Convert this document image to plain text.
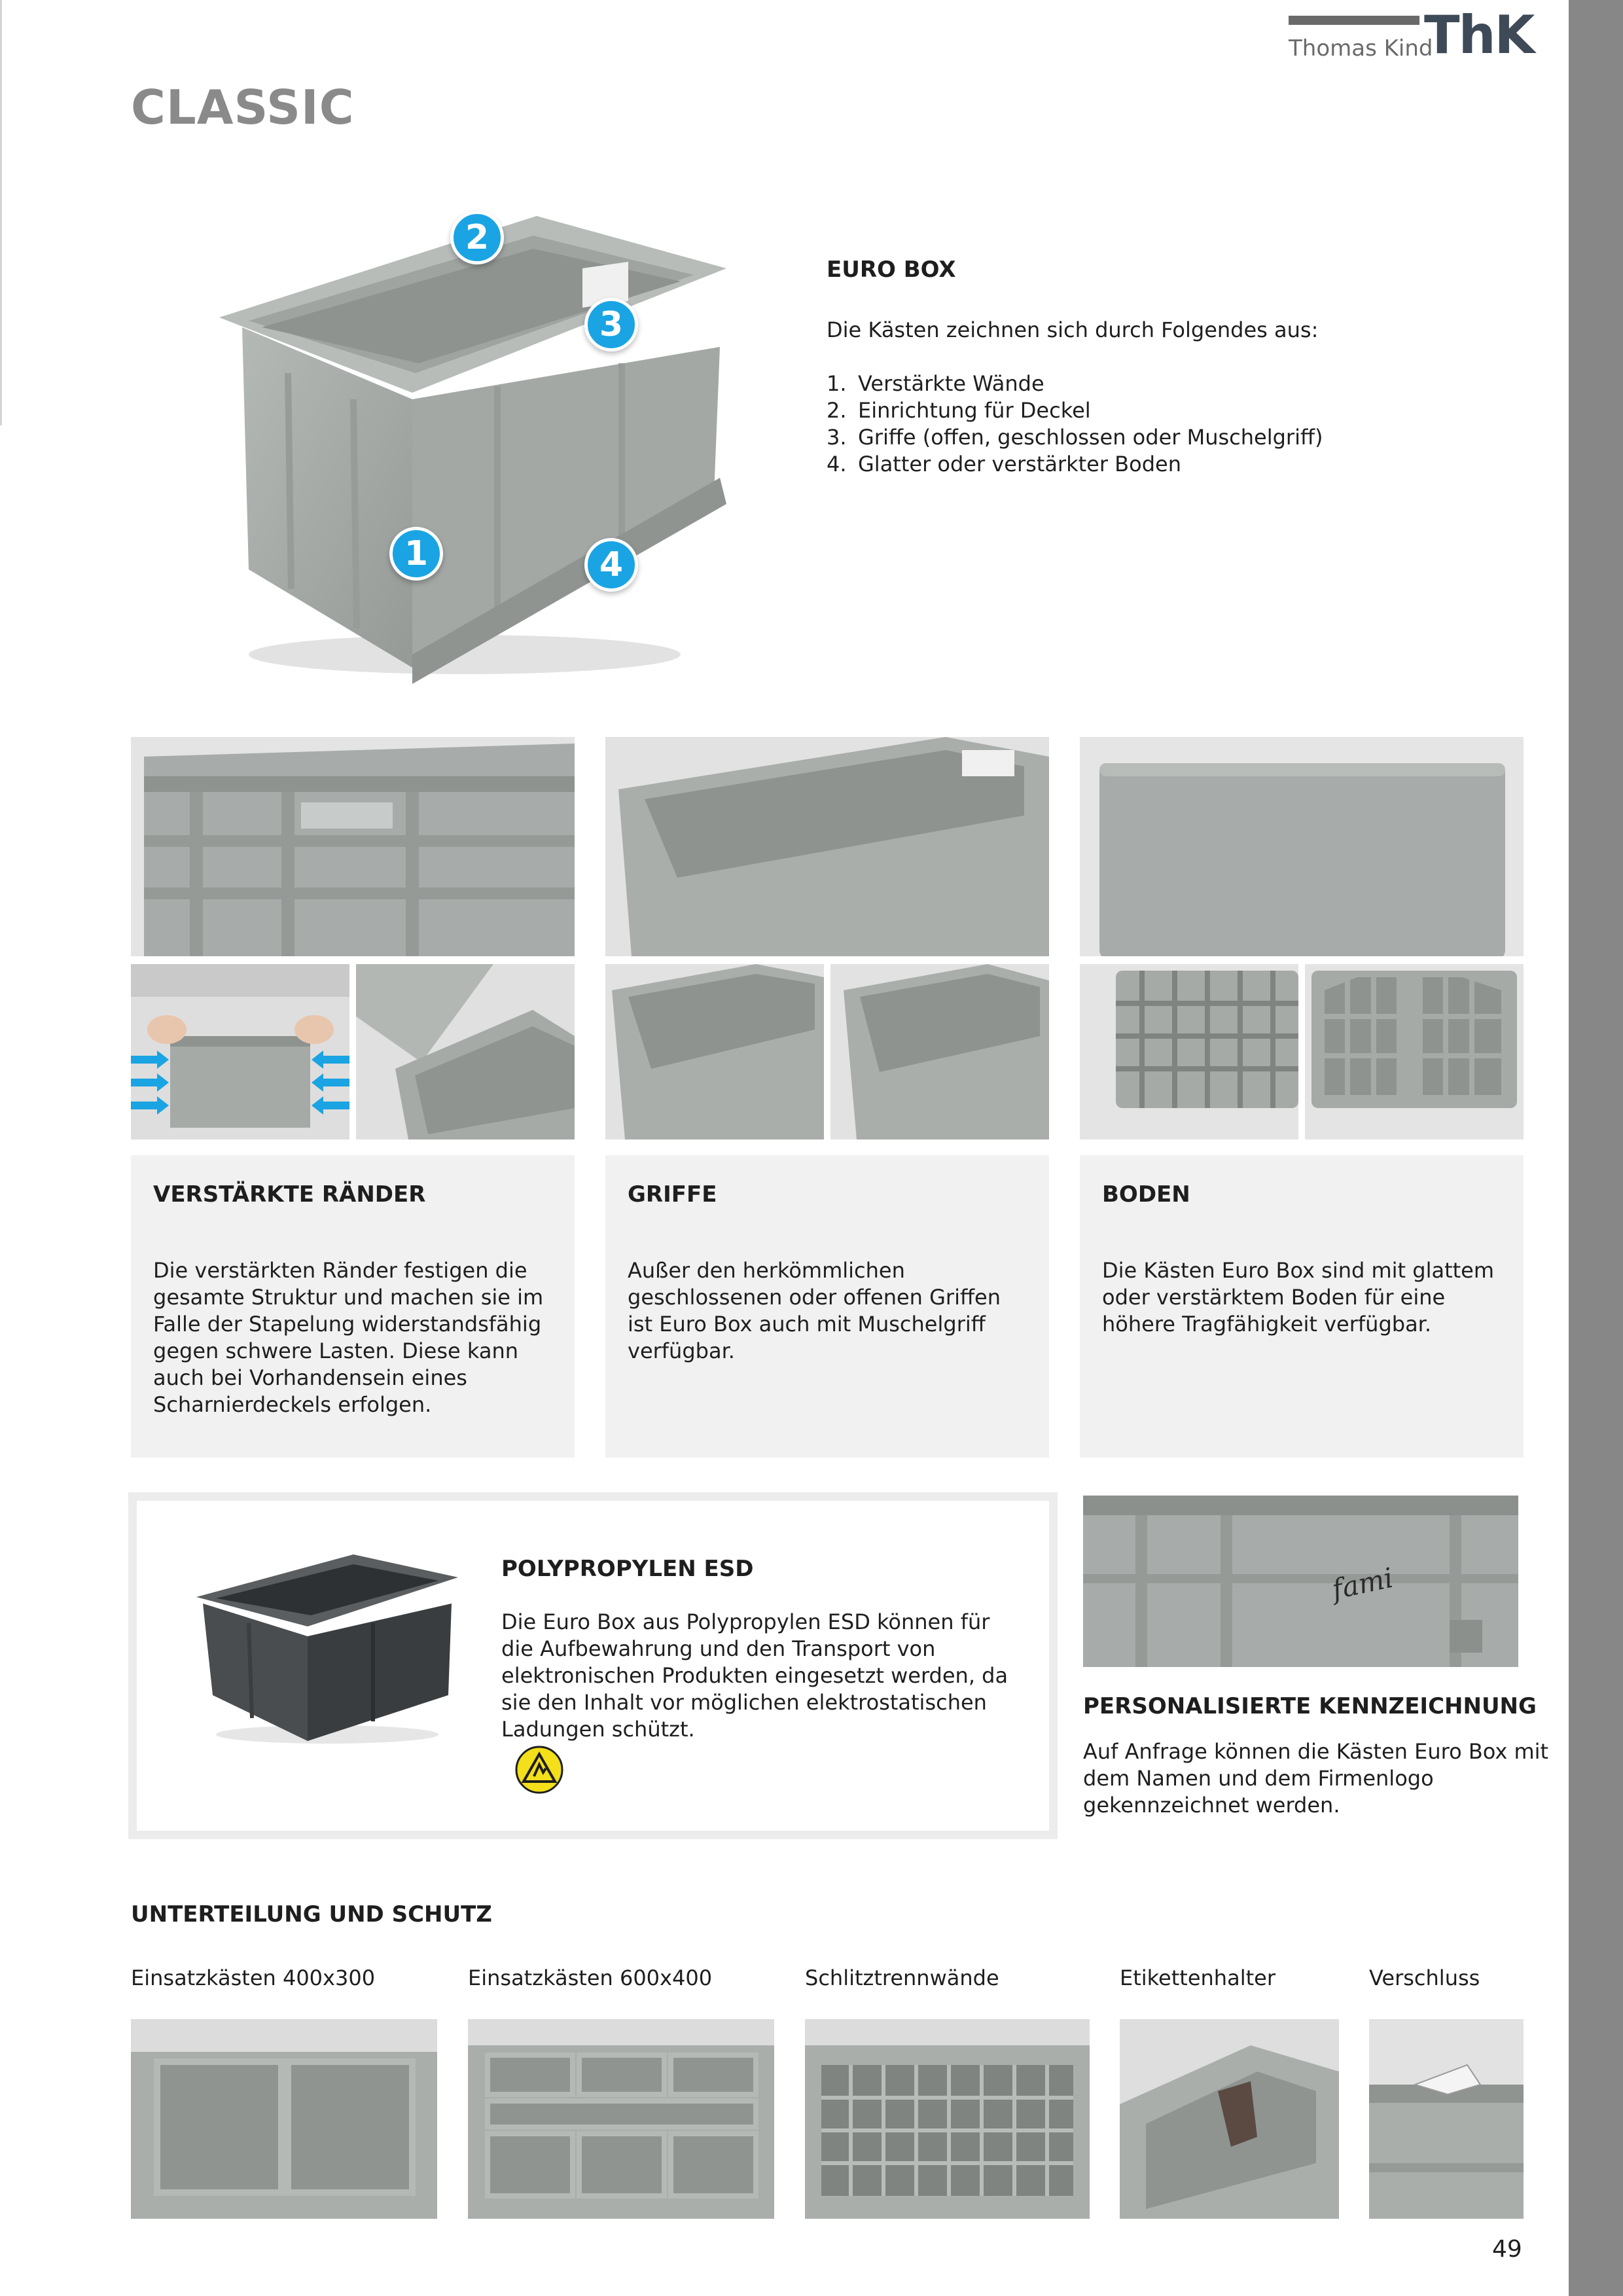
Thomas Kind
ThK
CLASSIC
2
3
1	4
EURO BOX
Die Kästen zeichnen sich durch Folgendes aus:
1. Verstärkte Wände
2. Einrichtung für Deckel
3. Griffe (offen, geschlossen oder Muschelgriff)
4. Glatter oder verstärkter Boden
VERSTÄRKTE RÄNDER
Die verstärkten Ränder festigen die gesamte Struktur und machen sie im Falle der Stapelung widerstandsfähig gegen schwere Lasten. Diese kann auch bei Vorhandensein eines Scharnierdeckels erfolgen.
GRIFFE
Außer den herkömmlichen geschlossenen oder offenen Griffen ist Euro Box auch mit Muschelgriff verfügbar.
BODEN
Die Kästen Euro Box sind mit glattem oder verstärktem Boden für eine höhere Tragfähigkeit verfügbar.
POLYPROPYLEN ESD
Die Euro Box aus Polypropylen ESD können für die Aufbewahrung und den Transport von elektronischen Produkten eingesetzt werden, da sie den Inhalt vor möglichen elektrostatischen Ladungen schützt.
fami
PERSONALISIERTE KENNZEICHNUNG
Auf Anfrage können die Kästen Euro Box mit dem Namen und dem Firmenlogo gekennzeichnet werden.
UNTERTEILUNG UND SCHUTZ
Einsatzkästen 400x300	Einsatzkästen 600x400	Schlitztrennwände	Etikettenhalter	Verschluss
49
